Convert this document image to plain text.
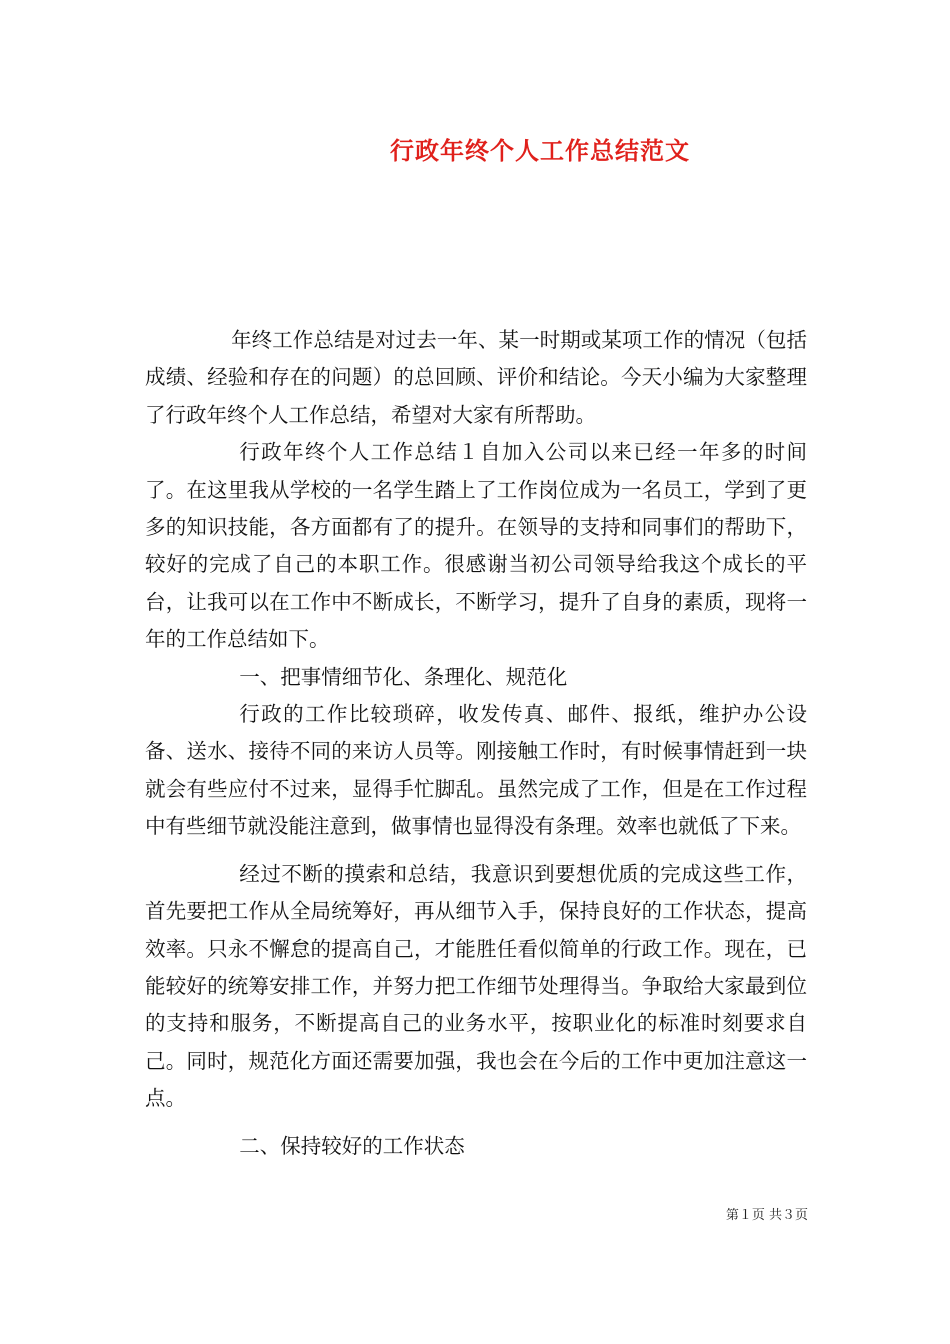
行政年终个人工作总结范文

年终工作总结是对过去一年、某一时期或某项工作的情况（包括成绩、经验和存在的问题）的总回顾、评价和结论。今天小编为大家整理了行政年终个人工作总结，希望对大家有所帮助。

行政年终个人工作总结１自加入公司以来已经一年多的时间了。在这里我从学校的一名学生踏上了工作岗位成为一名员工，学到了更多的知识技能，各方面都有了的提升。在领导的支持和同事们的帮助下，较好的完成了自己的本职工作。很感谢当初公司领导给我这个成长的平台，让我可以在工作中不断成长，不断学习，提升了自身的素质，现将一年的工作总结如下。

一、把事情细节化、条理化、规范化

行政的工作比较琐碎，收发传真、邮件、报纸，维护办公设备、送水、接待不同的来访人员等。刚接触工作时，有时候事情赶到一块就会有些应付不过来，显得手忙脚乱。虽然完成了工作，但是在工作过程中有些细节就没能注意到，做事情也显得没有条理。效率也就低了下来。

经过不断的摸索和总结，我意识到要想优质的完成这些工作，首先要把工作从全局统筹好，再从细节入手，保持良好的工作状态，提高效率。只永不懈怠的提高自己，才能胜任看似简单的行政工作。现在，已能较好的统筹安排工作，并努力把工作细节处理得当。争取给大家最到位的支持和服务，不断提高自己的业务水平，按职业化的标准时刻要求自己。同时，规范化方面还需要加强，我也会在今后的工作中更加注意这一点。

二、保持较好的工作状态

第１页 共３页
